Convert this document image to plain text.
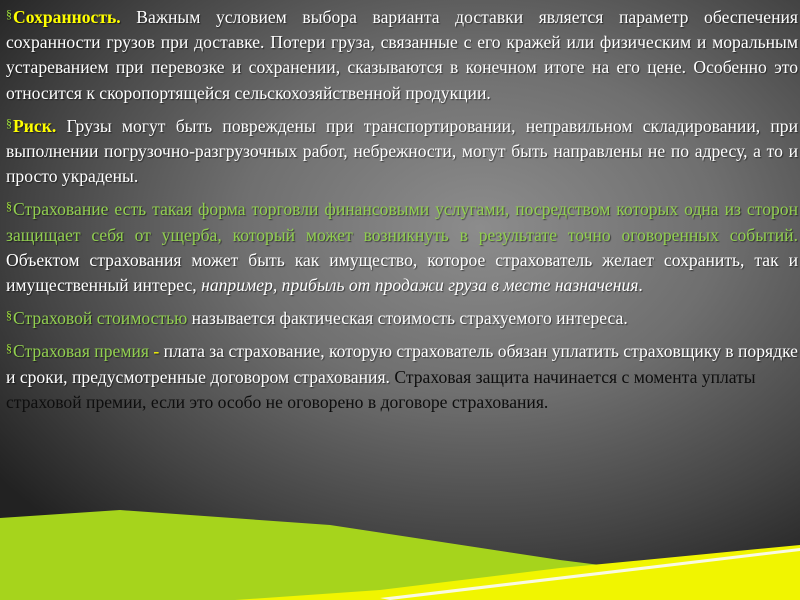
§Сохранность. Важным условием выбора варианта доставки является параметр обеспечения сохранности грузов при доставке. Потери груза, связанные с его кражей или физическим и моральным устареванием при перевозке и сохранении, сказываются в конечном итоге на его цене. Особенно это относится к скоропортящейся сельскохозяйственной продукции.

§Риск. Грузы могут быть повреждены при транспортировании, неправильном складировании, при выполнении погрузочно-разгрузочных работ, небрежности, могут быть направлены не по адресу, а то и просто украдены.

§Страхование есть такая форма торговли финансовыми услугами, посредством которых одна из сторон защищает себя от ущерба, который может возникнуть в результате точно оговоренных событий. Объектом страхования может быть как имущество, которое страхователь желает сохранить, так и имущественный интерес, например, прибыль от продажи груза в месте назначения.

§Страховой стоимостью называется фактическая стоимость страхуемого интереса.

§Страховая премия - плата за страхование, которую страхователь обязан уплатить страховщику в порядке и сроки, предусмотренные договором страхования. Страховая защита начинается с момента уплаты страховой премии, если это особо не оговорено в договоре страхования.
